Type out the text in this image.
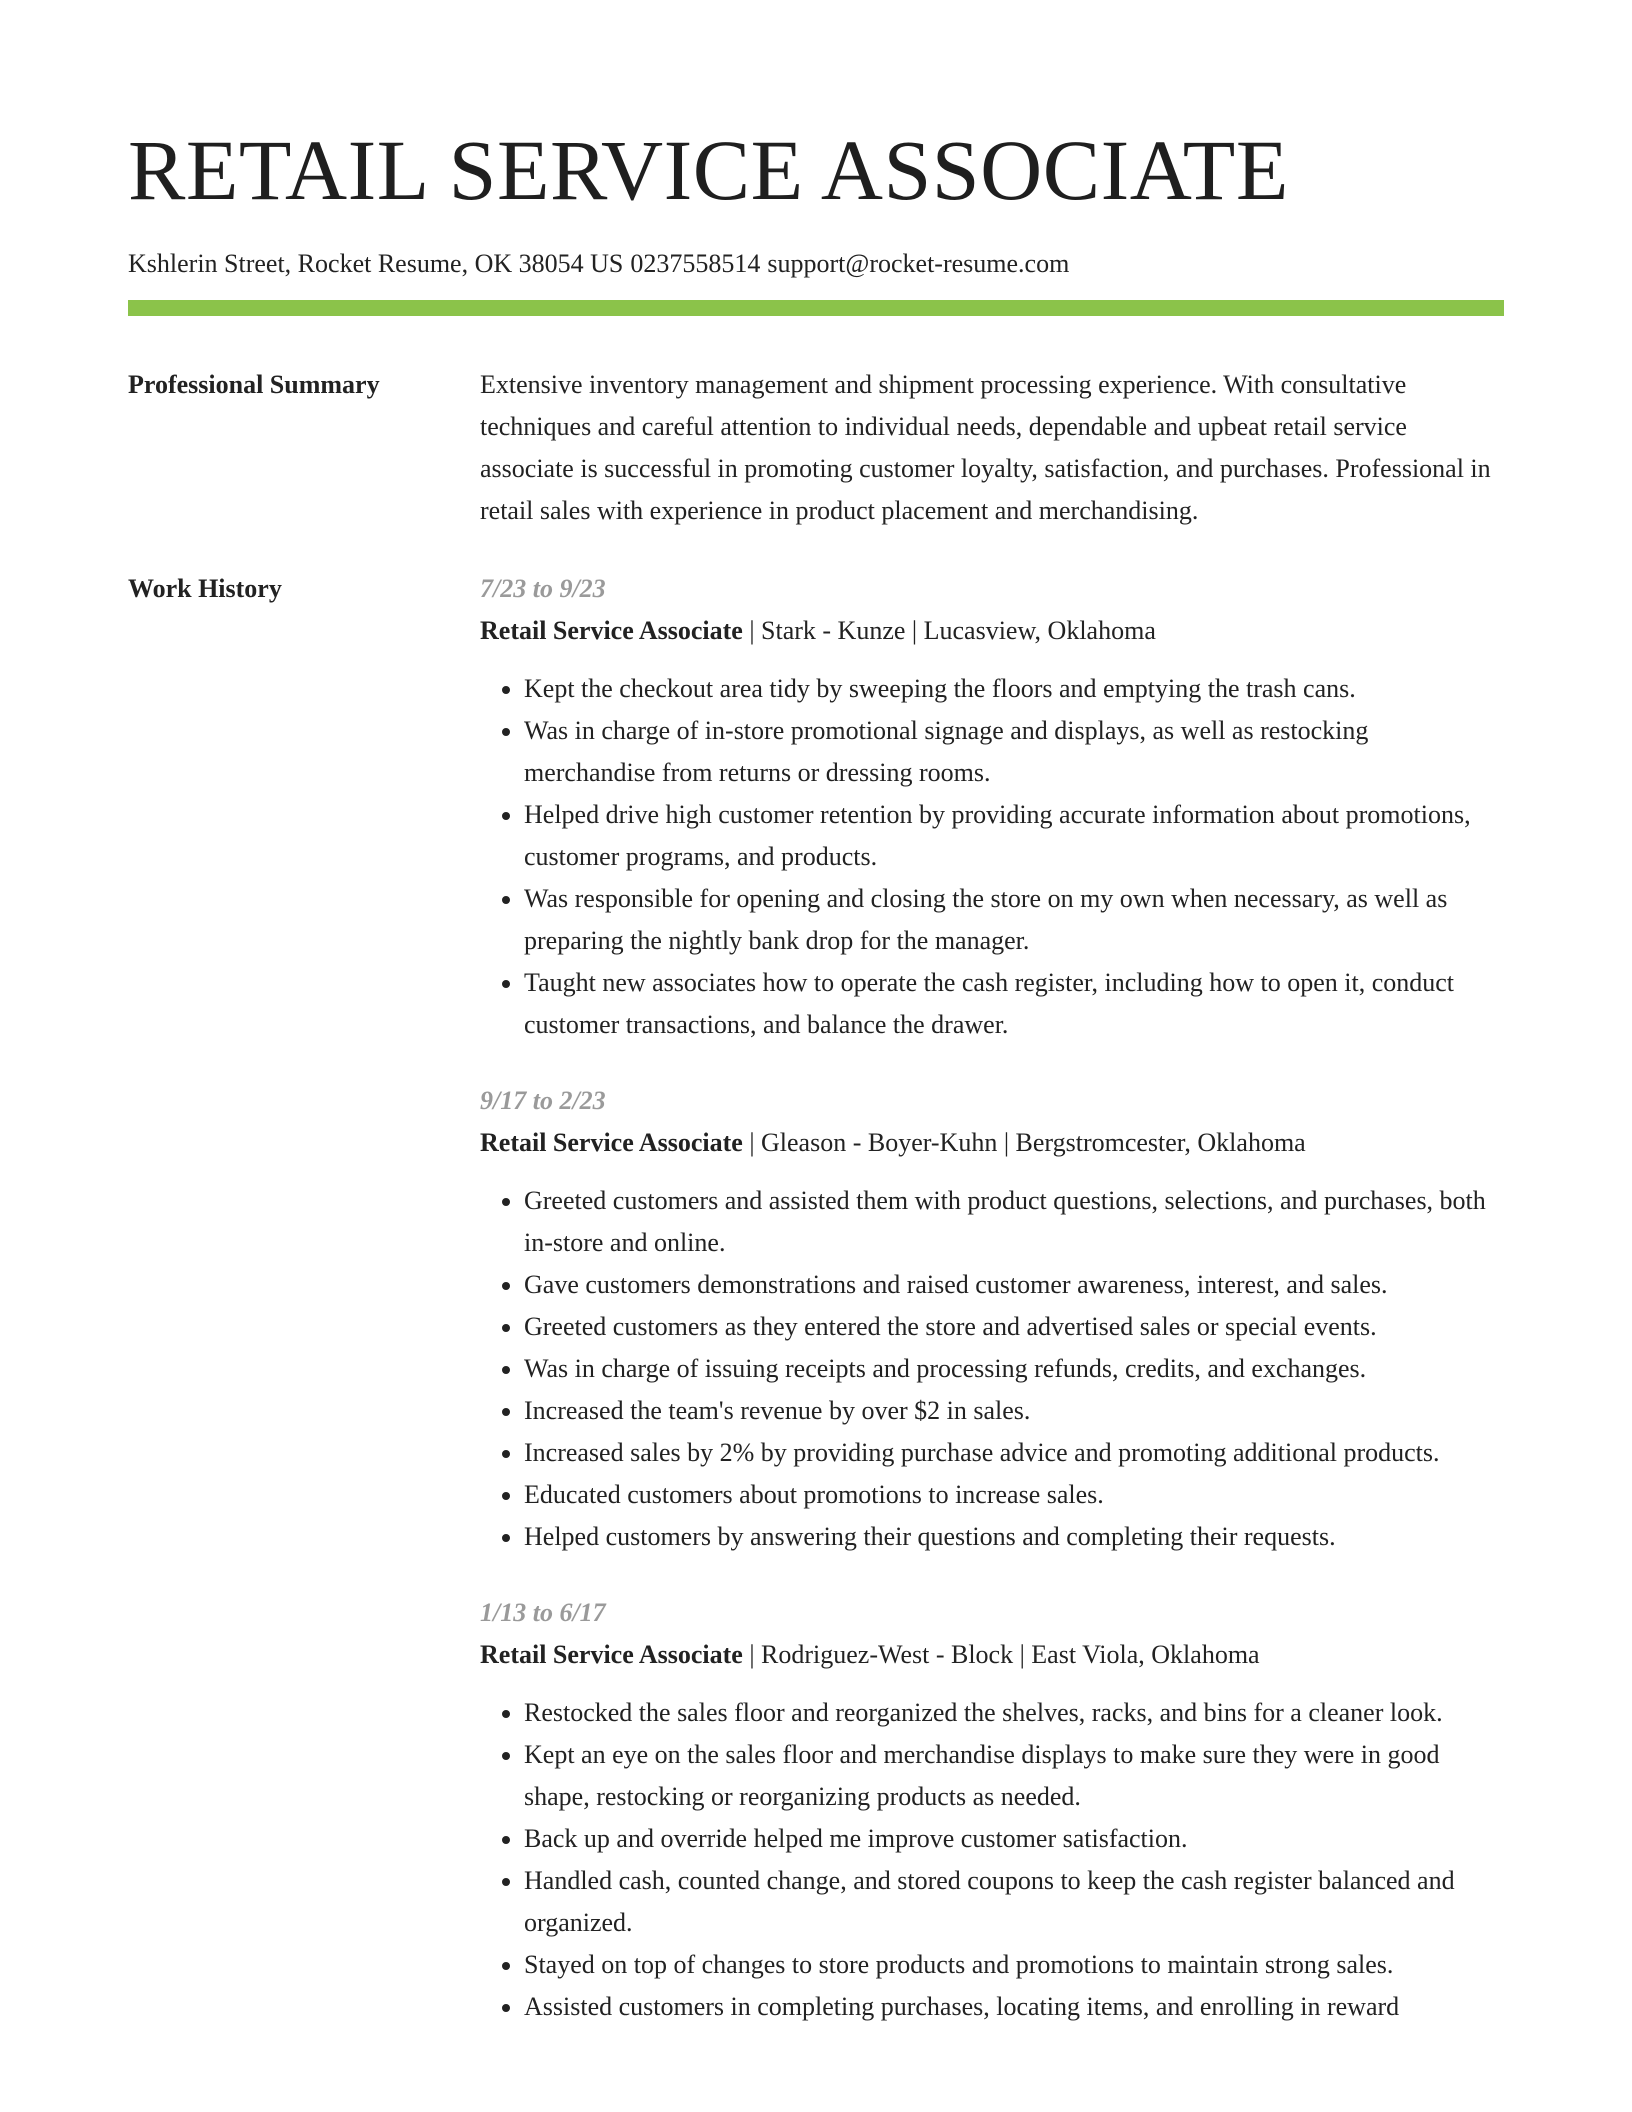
RETAIL SERVICE ASSOCIATE
Kshlerin Street, Rocket Resume, OK 38054 US 0237558514 support@rocket-resume.com
Professional Summary	Extensive inventory management and shipment processing experience. With consultative techniques and careful attention to individual needs, dependable and upbeat retail service associate is successful in promoting customer loyalty, satisfaction, and purchases. Professional in retail sales with experience in product placement and merchandising.

Work History	7/23 to 9/23
Retail Service Associate | Stark - Kunze | Lucasview, Oklahoma
• Kept the checkout area tidy by sweeping the floors and emptying the trash cans.
• Was in charge of in-store promotional signage and displays, as well as restocking merchandise from returns or dressing rooms.
• Helped drive high customer retention by providing accurate information about promotions, customer programs, and products.
• Was responsible for opening and closing the store on my own when necessary, as well as preparing the nightly bank drop for the manager.
• Taught new associates how to operate the cash register, including how to open it, conduct customer transactions, and balance the drawer.
9/17 to 2/23
Retail Service Associate | Gleason - Boyer-Kuhn | Bergstromcester, Oklahoma
• Greeted customers and assisted them with product questions, selections, and purchases, both in-store and online.
• Gave customers demonstrations and raised customer awareness, interest, and sales.
• Greeted customers as they entered the store and advertised sales or special events.
• Was in charge of issuing receipts and processing refunds, credits, and exchanges.
• Increased the team's revenue by over $2 in sales.
• Increased sales by 2% by providing purchase advice and promoting additional products.
• Educated customers about promotions to increase sales.
• Helped customers by answering their questions and completing their requests.
1/13 to 6/17
Retail Service Associate | Rodriguez-West - Block | East Viola, Oklahoma
• Restocked the sales floor and reorganized the shelves, racks, and bins for a cleaner look.
• Kept an eye on the sales floor and merchandise displays to make sure they were in good shape, restocking or reorganizing products as needed.
• Back up and override helped me improve customer satisfaction.
• Handled cash, counted change, and stored coupons to keep the cash register balanced and organized.
• Stayed on top of changes to store products and promotions to maintain strong sales.
• Assisted customers in completing purchases, locating items, and enrolling in reward
